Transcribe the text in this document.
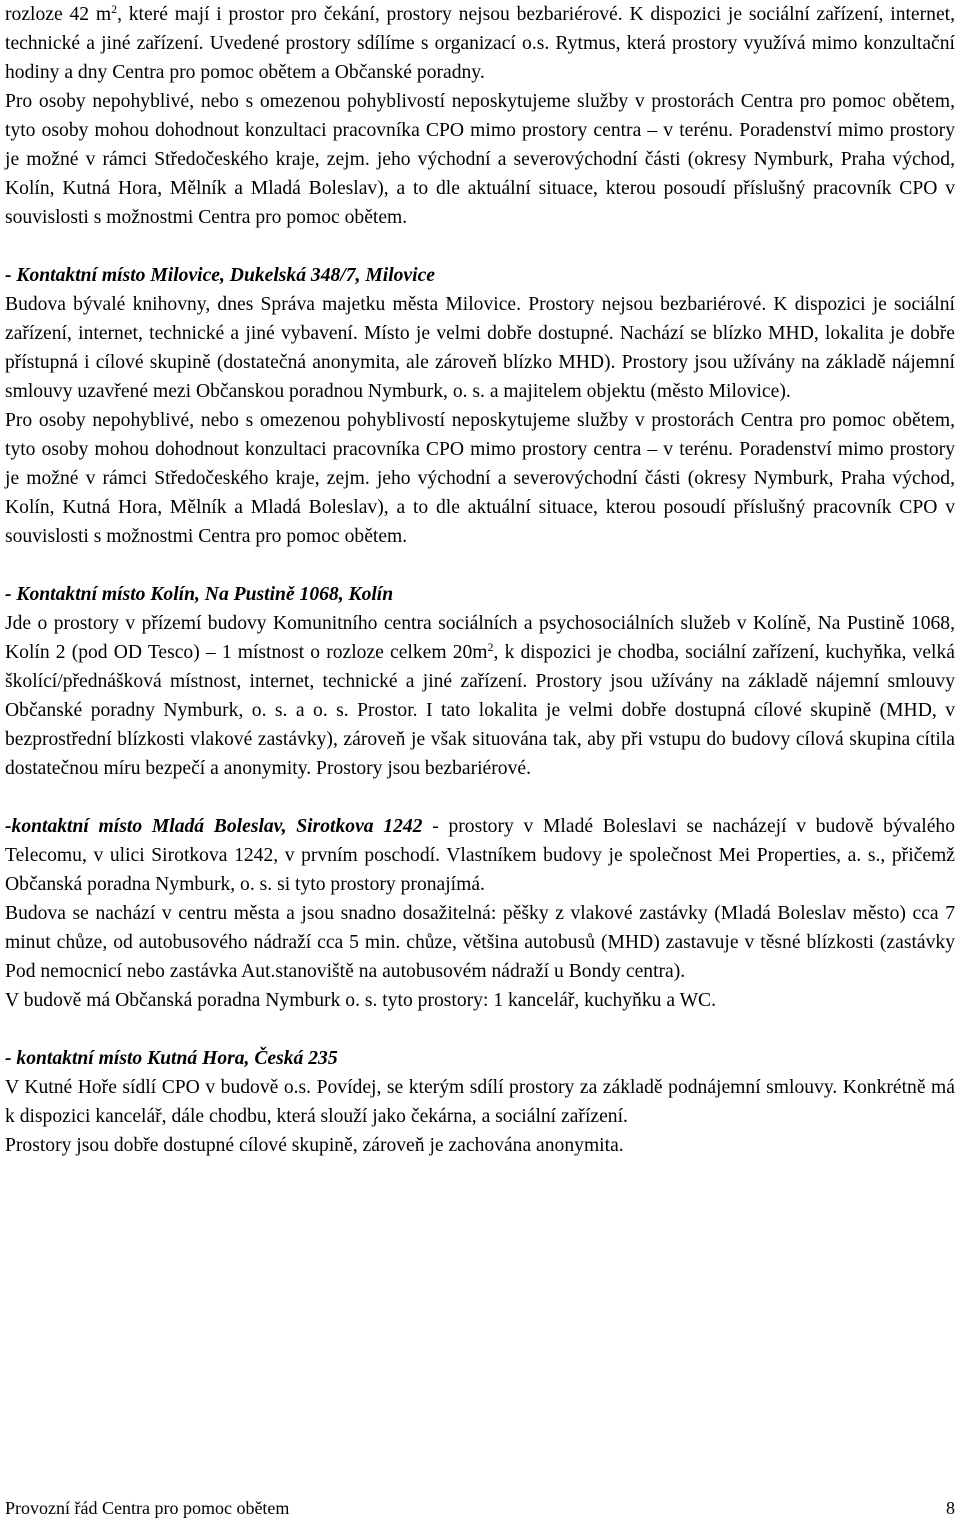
rozloze 42 $m^2$, které mají i prostor pro čekání, prostory nejsou bezbariérové. K dispozici je sociální zařízení, internet, technické a jiné zařízení. Uvedené prostory sdílíme s organizací o.s. Rytmus, která prostory využívá mimo konzultační hodiny a dny Centra pro pomoc obětem a Občanské poradny.

Pro osoby nepohyblivé, nebo s omezenou pohyblivostí neposkytujeme služby v prostorách Centra pro pomoc obětem, tyto osoby mohou dohodnout konzultaci pracovníka CPO mimo prostory centra – v terénu. Poradenství mimo prostory je možné v rámci Středočeského kraje, zejm. jeho východní a severovýchodní části (okresy Nymburk, Praha východ, Kolín, Kutná Hora, Mělník a Mladá Boleslav), a to dle aktuální situace, kterou posoudí příslušný pracovník CPO v souvislosti s možnostmi Centra pro pomoc obětem.

- Kontaktní místo Milovice, Dukelská 348/7, Milovice

Budova bývalé knihovny, dnes Správa majetku města Milovice. Prostory nejsou bezbariérové. K dispozici je sociální zařízení, internet, technické a jiné vybavení. Místo je velmi dobře dostupné. Nachází se blízko MHD, lokalita je dobře přístupná i cílové skupině (dostatečná anonymita, ale zároveň blízko MHD). Prostory jsou užívány na základě nájemní smlouvy uzavřené mezi Občanskou poradnou Nymburk, o. s. a majitelem objektu (město Milovice).

Pro osoby nepohyblivé, nebo s omezenou pohyblivostí neposkytujeme služby v prostorách Centra pro pomoc obětem, tyto osoby mohou dohodnout konzultaci pracovníka CPO mimo prostory centra – v terénu. Poradenství mimo prostory je možné v rámci Středočeského kraje, zejm. jeho východní a severovýchodní části (okresy Nymburk, Praha východ, Kolín, Kutná Hora, Mělník a Mladá Boleslav), a to dle aktuální situace, kterou posoudí příslušný pracovník CPO v souvislosti s možnostmi Centra pro pomoc obětem.

- Kontaktní místo Kolín, Na Pustině 1068, Kolín

Jde o prostory v přízemí budovy Komunitního centra sociálních a psychosociálních služeb v Kolíně, Na Pustině 1068, Kolín 2 (pod OD Tesco) – 1 místnost o rozloze celkem $20m^2$, k dispozici je chodba, sociální zařízení, kuchyňka, velká školící/přednášková místnost, internet, technické a jiné zařízení. Prostory jsou užívány na základě nájemní smlouvy Občanské poradny Nymburk, o. s. a o. s. Prostor. I tato lokalita je velmi dobře dostupná cílové skupině (MHD, v bezprostřední blízkosti vlakové zastávky), zároveň je však situována tak, aby při vstupu do budovy cílová skupina cítila dostatečnou míru bezpečí a anonymity. Prostory jsou bezbariérové.

-kontaktní místo Mladá Boleslav, Sirotkova 1242 - prostory v Mladé Boleslavi se nacházejí v budově bývalého Telecomu, v ulici Sirotkova 1242, v prvním poschodí. Vlastníkem budovy je společnost Mei Properties, a. s., přičemž Občanská poradna Nymburk, o. s. si tyto prostory pronajímá.

Budova se nachází v centru města a jsou snadno dosažitelná: pěšky z vlakové zastávky (Mladá Boleslav město) cca 7 minut chůze, od autobusového nádraží cca 5 min. chůze, většina autobusů (MHD) zastavuje v těsné blízkosti (zastávky Pod nemocnicí nebo zastávka Aut.stanoviště na autobusovém nádraží u Bondy centra).

V budově má Občanská poradna Nymburk o. s. tyto prostory: 1 kancelář, kuchyňku a WC.

- kontaktní místo Kutná Hora, Česká 235

V Kutné Hoře sídlí CPO v budově o.s. Povídej, se kterým sdílí prostory za základě podnájemní smlouvy. Konkrétně má k dispozici kancelář, dále chodbu, která slouží jako čekárna, a sociální zařízení.

Prostory jsou dobře dostupné cílové skupině, zároveň je zachována anonymita.

Provozní řád Centra pro pomoc obětem	8
